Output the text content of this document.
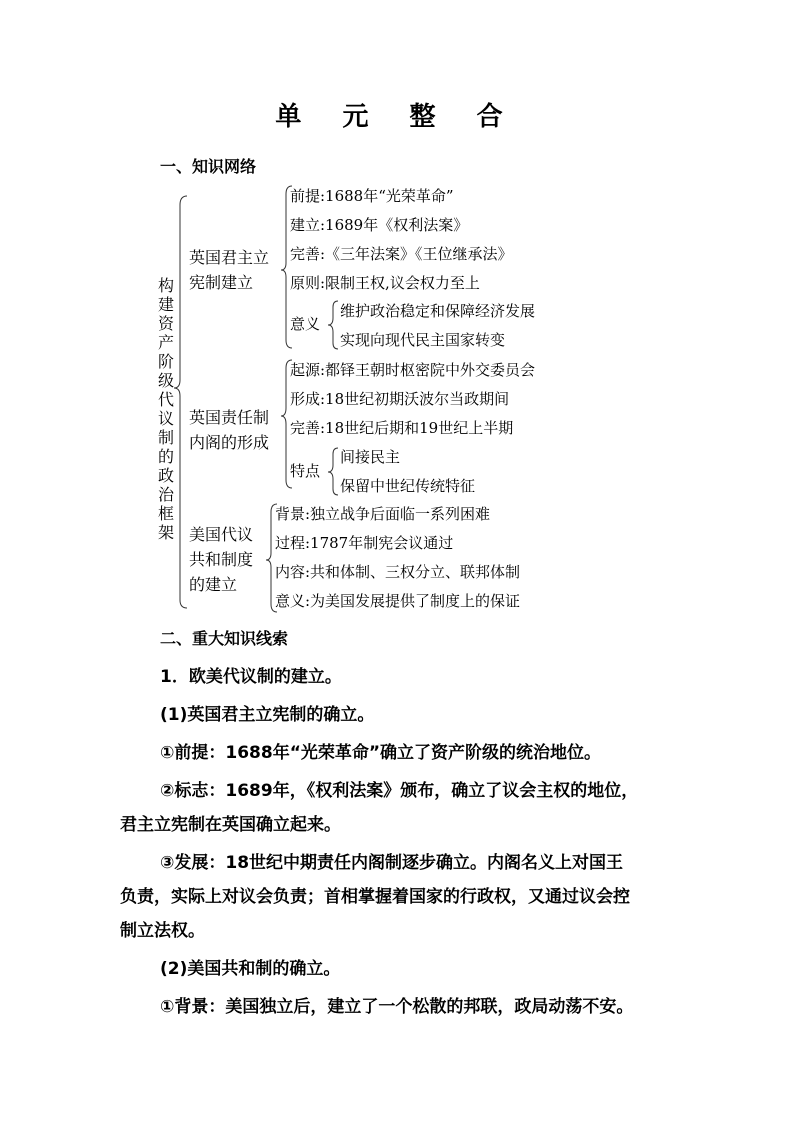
单 元 整 合
一、知识网络
构建资产阶级代议制的政治框架
英国君主立
宪制建立
前提:1688年“光荣革命”
建立:1689年《权利法案》
完善:《三年法案》《王位继承法》
原则:限制王权,议会权力至上
意义
维护政治稳定和保障经济发展
实现向现代民主国家转变
英国责任制
内阁的形成
起源:都铎王朝时枢密院中外交委员会
形成:18世纪初期沃波尔当政期间
完善:18世纪后期和19世纪上半期
特点
间接民主
保留中世纪传统特征
美国代议
共和制度
的建立
背景:独立战争后面临一系列困难
过程:1787年制宪会议通过
内容:共和体制、三权分立、联邦体制
意义:为美国发展提供了制度上的保证
二、重大知识线索
1．欧美代议制的建立。
(1)英国君主立宪制的确立。
①前提：1688年“光荣革命”确立了资产阶级的统治地位。
②标志：1689年，《权利法案》颁布，确立了议会主权的地位，
君主立宪制在英国确立起来。
③发展：18世纪中期责任内阁制逐步确立。内阁名义上对国王
负责，实际上对议会负责；首相掌握着国家的行政权，又通过议会控
制立法权。
(2)美国共和制的确立。
①背景：美国独立后，建立了一个松散的邦联，政局动荡不安。
